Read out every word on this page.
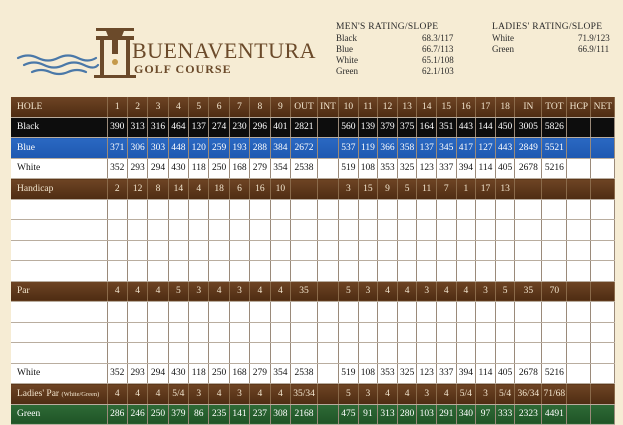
BUENAVENTURA
GOLF COURSE
MEN'S RATING/SLOPE
Black	68.3/117
Blue	66.7/113
White	65.1/108
Green	62.1/103
LADIES' RATING/SLOPE
White	71.9/123
Green	66.9/111
HOLE	1	2	3	4	5	6	7	8	9	OUT	INT	10	11	12	13	14	15	16	17	18	IN	TOT	HCP	NET
Black	390	313	316	464	137	274	230	296	401	2821		560	139	379	375	164	351	443	144	450	3005	5826		
Blue	371	306	303	448	120	259	193	288	384	2672		537	119	366	358	137	345	417	127	443	2849	5521		
White	352	293	294	430	118	250	168	279	354	2538		519	108	353	325	123	337	394	114	405	2678	5216		
Handicap	2	12	8	14	4	18	6	16	10			3	15	9	5	11	7	1	17	13				

Par	4	4	4	5	3	4	3	4	4	35		5	3	4	4	3	4	4	3	5	35	70		

White	352	293	294	430	118	250	168	279	354	2538		519	108	353	325	123	337	394	114	405	2678	5216		
Ladies' Par (White/Green)	4	4	4	5/4	3	4	3	4	4	35/34		5	3	4	4	3	4	5/4	3	5/4	36/34	71/68		
Green	286	246	250	379	86	235	141	237	308	2168		475	91	313	280	103	291	340	97	333	2323	4491		
